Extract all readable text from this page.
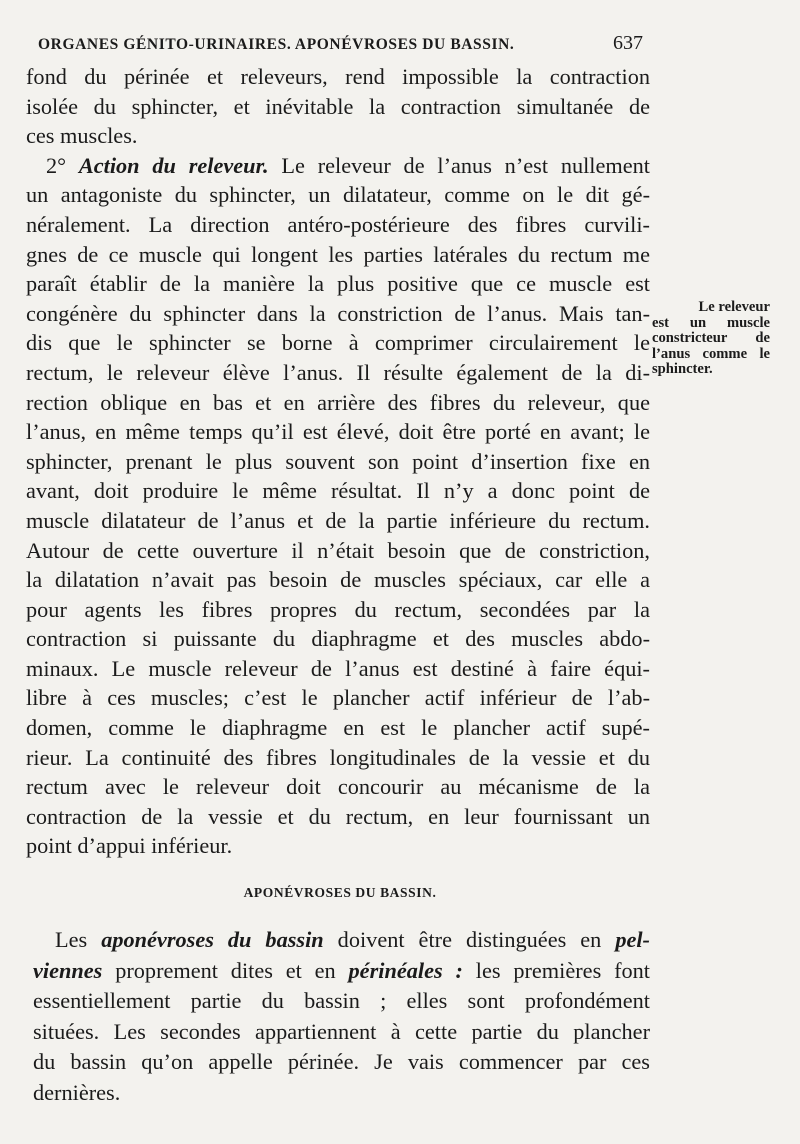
ORGANES GÉNITO-URINAIRES. APONÉVROSES DU BASSIN.	637
fond du périnée et releveurs, rend impossible la contraction
isolée du sphincter, et inévitable la contraction simultanée de
ces muscles.
2° Action du releveur. Le releveur de l’anus n’est nullement
un antagoniste du sphincter, un dilatateur, comme on le dit gé-
néralement. La direction antéro-postérieure des fibres curvili-
gnes de ce muscle qui longent les parties latérales du rectum me
paraît établir de la manière la plus positive que ce muscle est
congénère du sphincter dans la constriction de l’anus. Mais tan-
dis que le sphincter se borne à comprimer circulairement le
rectum, le releveur élève l’anus. Il résulte également de la di-
rection oblique en bas et en arrière des fibres du releveur, que
l’anus, en même temps qu’il est élevé, doit être porté en avant; le
sphincter, prenant le plus souvent son point d’insertion fixe en
avant, doit produire le même résultat. Il n’y a donc point de
muscle dilatateur de l’anus et de la partie inférieure du rectum.
Autour de cette ouverture il n’était besoin que de constriction,
la dilatation n’avait pas besoin de muscles spéciaux, car elle a
pour agents les fibres propres du rectum, secondées par la
contraction si puissante du diaphragme et des muscles abdo-
minaux. Le muscle releveur de l’anus est destiné à faire équi-
libre à ces muscles; c’est le plancher actif inférieur de l’ab-
domen, comme le diaphragme en est le plancher actif supé-
rieur. La continuité des fibres longitudinales de la vessie et du
rectum avec le releveur doit concourir au mécanisme de la
contraction de la vessie et du rectum, en leur fournissant un
point d’appui inférieur.
Le releveur
est un muscle
constricteur de
l’anus comme le
sphincter.
APONÉVROSES DU BASSIN.
Les aponévroses du bassin doivent être distinguées en pel-
viennes proprement dites et en périnéales : les premières font
essentiellement partie du bassin ; elles sont profondément
situées. Les secondes appartiennent à cette partie du plancher
du bassin qu’on appelle périnée. Je vais commencer par ces
dernières.
